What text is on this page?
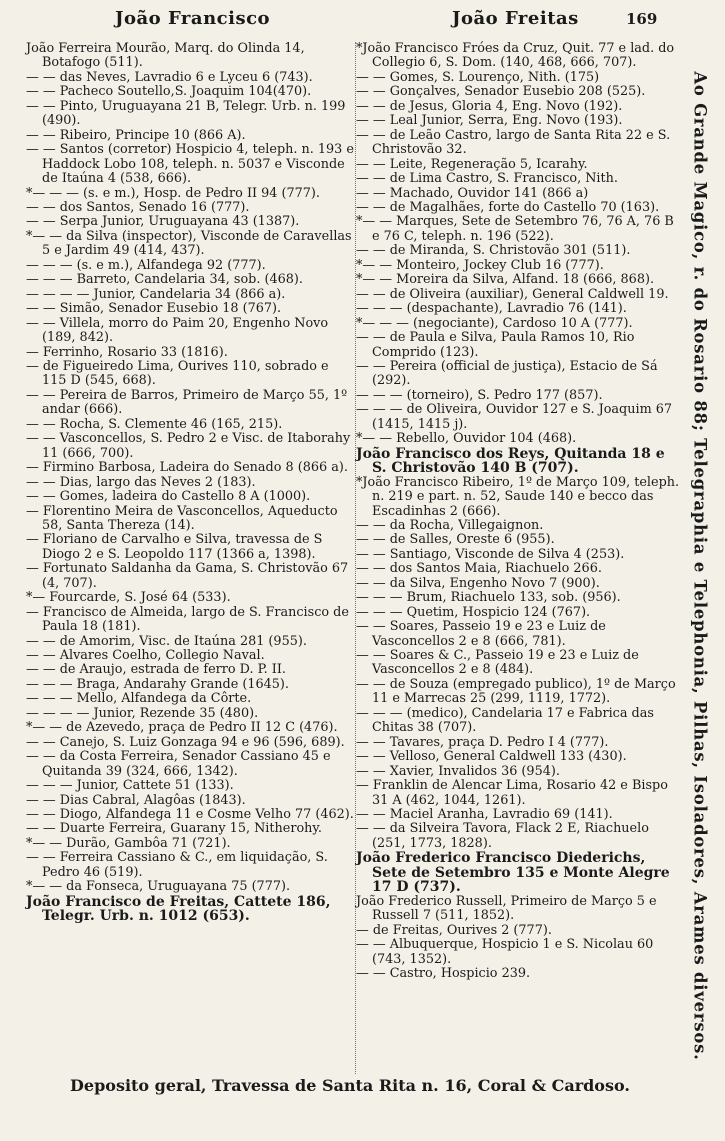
João Francisco	João Freitas	169

João Ferreira Mourão, Marq. do Olinda 14, Botafogo (511).

— — das Neves, Lavradio 6 e Lyceu 6 (743).

— — Pacheco Soutello,S. Joaquim 104(470).

— — Pinto, Uruguayana 21 B, Telegr. Urb. n. 199 (490).

— — Ribeiro, Principe 10 (866 A).

— — Santos (corretor) Hospicio 4, teleph. n. 193 e Haddock Lobo 108, teleph. n. 5037 e Visconde de Itaúna 4 (538, 666).

*— — — (s. e m.), Hosp. de Pedro II 94 (777).

— — dos Santos, Senado 16 (777).

— — Serpa Junior, Uruguayana 43 (1387).

*— — da Silva (inspector), Visconde de Caravellas 5 e Jardim 49 (414, 437).

— — — (s. e m.), Alfandega 92 (777).

— — — Barreto, Candelaria 34, sob. (468).

— — — — Junior, Candelaria 34 (866 a).

— — Simão, Senador Eusebio 18 (767).

— — Villela, morro do Paim 20, Engenho Novo (189, 842).

— Ferrinho, Rosario 33 (1816).

— de Figueiredo Lima, Ourives 110, sobrado e 115 D (545, 668).

— — Pereira de Barros, Primeiro de Março 55, 1º andar (666).

— — Rocha, S. Clemente 46 (165, 215).

— — Vasconcellos, S. Pedro 2 e Visc. de Itaborahy 11 (666, 700).

— Firmino Barbosa, Ladeira do Senado 8 (866 a).

— — Dias, largo das Neves 2 (183).

— — Gomes, ladeira do Castello 8 A (1000).

— Florentino Meira de Vasconcellos, Aqueducto 58, Santa Thereza (14).

— Floriano de Carvalho e Silva, travessa de S Diogo 2 e S. Leopoldo 117 (1366 a, 1398).

— Fortunato Saldanha da Gama, S. Christovão 67 (4, 707).

*— Fourcarde, S. José 64 (533).

— Francisco de Almeida, largo de S. Francisco de Paula 18 (181).

— — de Amorim, Visc. de Itaúna 281 (955).

— — Alvares Coelho, Collegio Naval.

— — de Araujo, estrada de ferro D. P. II.

— — — Braga, Andarahy Grande (1645).

— — — Mello, Alfandega da Côrte.

— — — — Junior, Rezende 35 (480).

*— — de Azevedo, praça de Pedro II 12 C (476).

— — Canejo, S. Luiz Gonzaga 94 e 96 (596, 689).

— — da Costa Ferreira, Senador Cassiano 45 e Quitanda 39 (324, 666, 1342).

— — — Junior, Cattete 51 (133).

— — Dias Cabral, Alagôas (1843).

— — Diogo, Alfandega 11 e Cosme Velho 77 (462).

— — Duarte Ferreira, Guarany 15, Nitherohy.

*— — Durão, Gambôa 71 (721).

— — Ferreira Cassiano & C., em liquidação, S. Pedro 46 (519).

*— — da Fonseca, Uruguayana 75 (777).

João Francisco de Freitas, Cattete 186, Telegr. Urb. n. 1012 (653).

*João Francisco Fróes da Cruz, Quit. 77 e lad. do Collegio 6, S. Dom. (140, 468, 666, 707).

— — Gomes, S. Lourenço, Nith. (175)

— — Gonçalves, Senador Eusebio 208 (525).

— — de Jesus, Gloria 4, Eng. Novo (192).

— — Leal Junior, Serra, Eng. Novo (193).

— — de Leão Castro, largo de Santa Rita 22 e S. Christovão 32.

— — Leite, Regeneração 5, Icarahy.

— — de Lima Castro, S. Francisco, Nith.

— — Machado, Ouvidor 141 (866 a)

— — de Magalhães, forte do Castello 70 (163).

*— — Marques, Sete de Setembro 76, 76 A, 76 B e 76 C, teleph. n. 196 (522).

— — de Miranda, S. Christovão 301 (511).

*— — Monteiro, Jockey Club 16 (777).

*— — Moreira da Silva, Alfand. 18 (666, 868).

— — de Oliveira (auxiliar), General Caldwell 19.

— — — (despachante), Lavradio 76 (141).

*— — — (negociante), Cardoso 10 A (777).

— — de Paula e Silva, Paula Ramos 10, Rio Comprido (123).

— — Pereira (official de justiça), Estacio de Sá (292).

— — — (torneiro), S. Pedro 177 (857).

— — — de Oliveira, Ouvidor 127 e S. Joaquim 67 (1415, 1415 j).

*— — Rebello, Ouvidor 104 (468).

João Francisco dos Reys, Quitanda 18 e S. Christovão 140 B (707).

*João Francisco Ribeiro, 1º de Março 109, teleph. n. 219 e part. n. 52, Saude 140 e becco das Escadinhas 2 (666).

— — da Rocha, Villegaignon.

— — de Salles, Oreste 6 (955).

— — Santiago, Visconde de Silva 4 (253).

— — dos Santos Maia, Riachuelo 266.

— — da Silva, Engenho Novo 7 (900).

— — — Brum, Riachuelo 133, sob. (956).

— — — Quetim, Hospicio 124 (767).

— — Soares, Passeio 19 e 23 e Luiz de Vasconcellos 2 e 8 (666, 781).

— — Soares & C., Passeio 19 e 23 e Luiz de Vasconcellos 2 e 8 (484).

— — de Souza (empregado publico), 1º de Março 11 e Marrecas 25 (299, 1119, 1772).

— — — (medico), Candelaria 17 e Fabrica das Chitas 38 (707).

— — Tavares, praça D. Pedro I 4 (777).

— — Velloso, General Caldwell 133 (430).

— — Xavier, Invalidos 36 (954).

— Franklin de Alencar Lima, Rosario 42 e Bispo 31 A (462, 1044, 1261).

— — Maciel Aranha, Lavradio 69 (141).

— — da Silveira Tavora, Flack 2 E, Riachuelo (251, 1773, 1828).

João Frederico Francisco Diederichs, Sete de Setembro 135 e Monte Alegre 17 D (737).

João Frederico Russell, Primeiro de Março 5 e Russell 7 (511, 1852).

— de Freitas, Ourives 2 (777).

— — Albuquerque, Hospicio 1 e S. Nicolau 60 (743, 1352).

— — Castro, Hospicio 239.	Ao Grande Magico, r. do Rosario 88; Telegraphia e Telephonia, Pilhas, Isoladores, Arames diversos.
Deposito geral, Travessa de Santa Rita n. 16, Coral & Cardoso.
